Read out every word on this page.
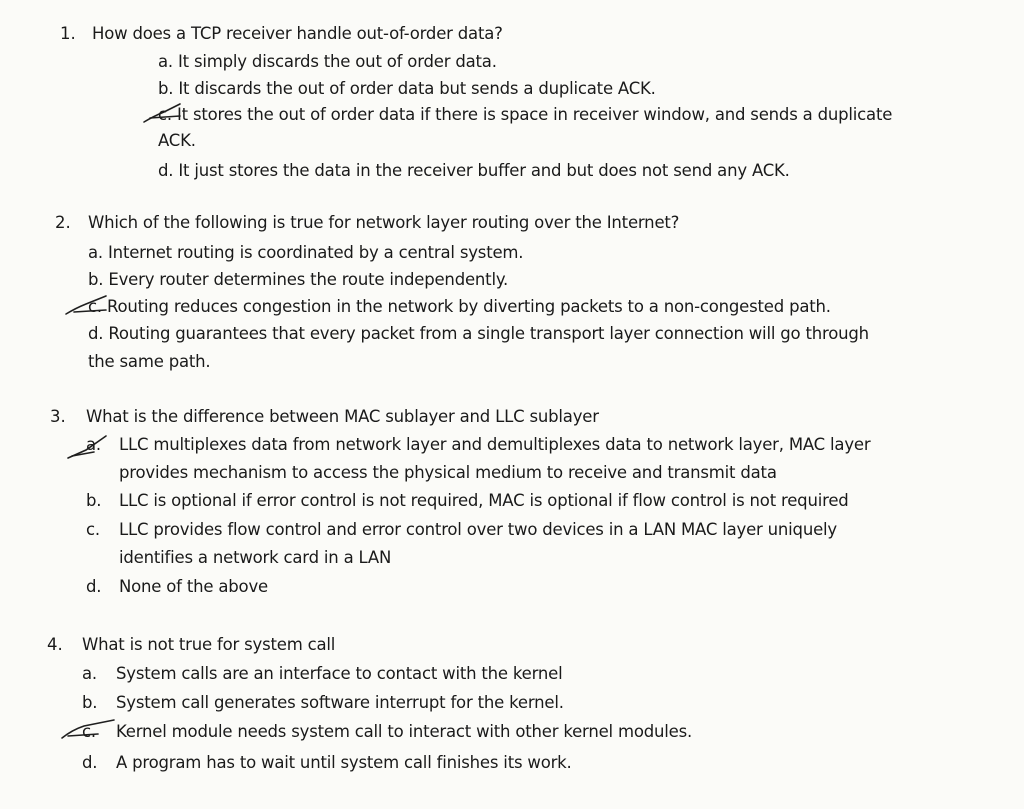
1. How does a TCP receiver handle out-of-order data?
a. It simply discards the out of order data.
b. It discards the out of order data but sends a duplicate ACK.
c. It stores the out of order data if there is space in receiver window, and sends a duplicate
ACK.
d. It just stores the data in the receiver buffer and but does not send any ACK.
2. Which of the following is true for network layer routing over the Internet?
a. Internet routing is coordinated by a central system.
b. Every router determines the route independently.
c. Routing reduces congestion in the network by diverting packets to a non-congested path.
d. Routing guarantees that every packet from a single transport layer connection will go through
the same path.
3. What is the difference between MAC sublayer and LLC sublayer
a. LLC multiplexes data from network layer and demultiplexes data to network layer, MAC layer
provides mechanism to access the physical medium to receive and transmit data
b. LLC is optional if error control is not required, MAC is optional if flow control is not required
c. LLC provides flow control and error control over two devices in a LAN MAC layer uniquely
identifies a network card in a LAN
d. None of the above
4. What is not true for system call
a. System calls are an interface to contact with the kernel
b. System call generates software interrupt for the kernel.
c. Kernel module needs system call to interact with other kernel modules.
d. A program has to wait until system call finishes its work.
